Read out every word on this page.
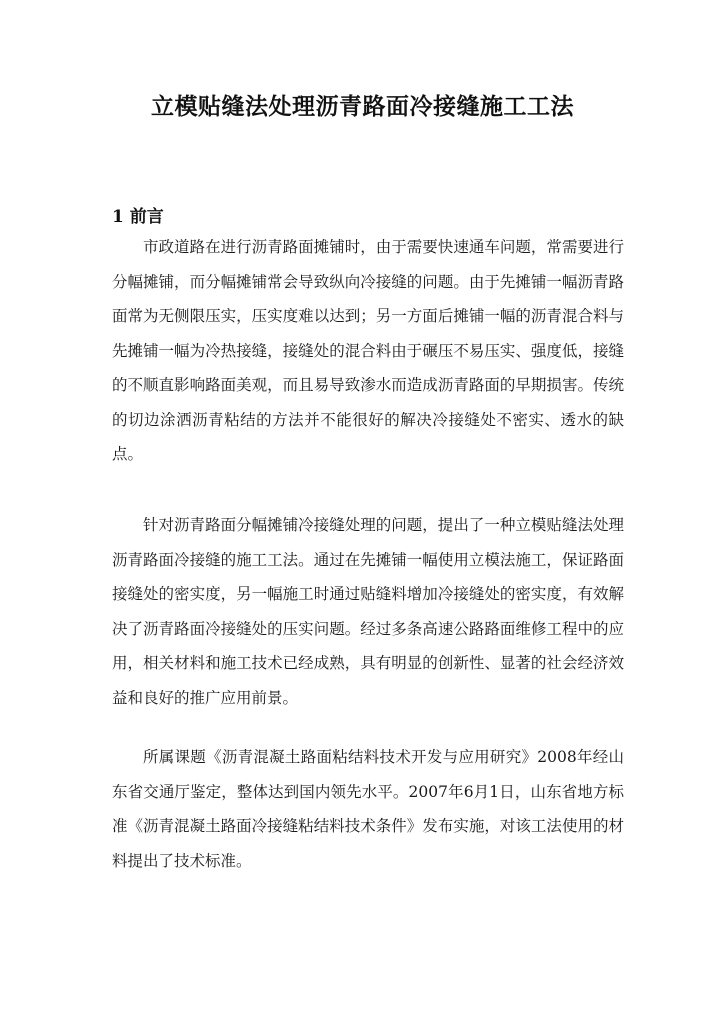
立模贴缝法处理沥青路面冷接缝施工工法
1 前言

市政道路在进行沥青路面摊铺时，由于需要快速通车问题，常需要进行分幅摊铺，而分幅摊铺常会导致纵向冷接缝的问题。由于先摊铺一幅沥青路面常为无侧限压实，压实度难以达到；另一方面后摊铺一幅的沥青混合料与先摊铺一幅为冷热接缝，接缝处的混合料由于碾压不易压实、强度低，接缝的不顺直影响路面美观，而且易导致渗水而造成沥青路面的早期损害。传统的切边涂洒沥青粘结的方法并不能很好的解决冷接缝处不密实、透水的缺点。

针对沥青路面分幅摊铺冷接缝处理的问题，提出了一种立模贴缝法处理沥青路面冷接缝的施工工法。通过在先摊铺一幅使用立模法施工，保证路面接缝处的密实度，另一幅施工时通过贴缝料增加冷接缝处的密实度，有效解决了沥青路面冷接缝处的压实问题。经过多条高速公路路面维修工程中的应用，相关材料和施工技术已经成熟，具有明显的创新性、显著的社会经济效益和良好的推广应用前景。

所属课题《沥青混凝土路面粘结料技术开发与应用研究》2008年经山东省交通厅鉴定，整体达到国内领先水平。2007年6月1日，山东省地方标准《沥青混凝土路面冷接缝粘结料技术条件》发布实施，对该工法使用的材料提出了技术标准。
